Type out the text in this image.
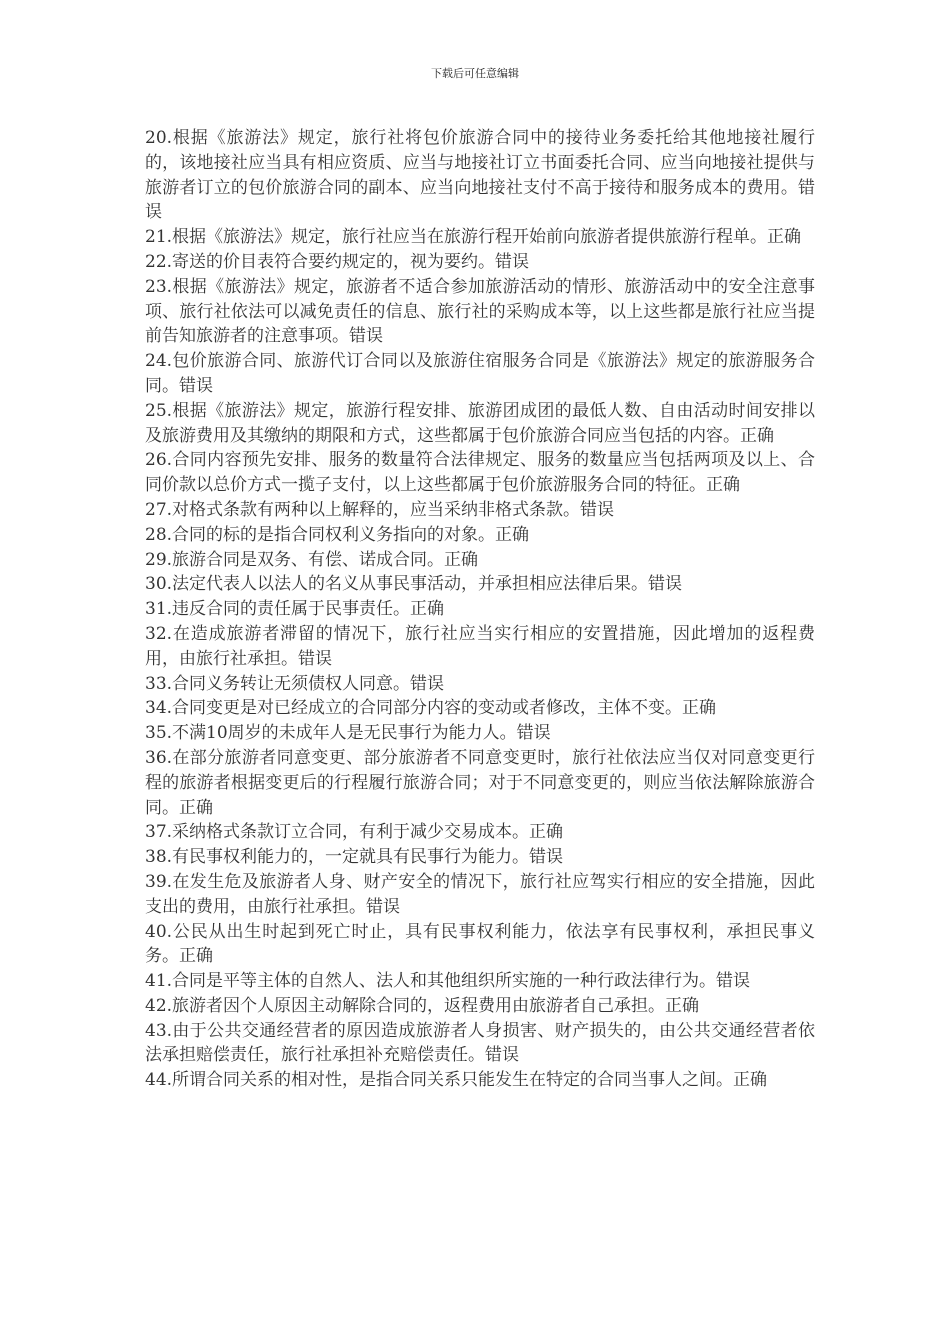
下载后可任意编辑

20.根据《旅游法》规定，旅行社将包价旅游合同中的接待业务委托给其他地接社履行的，该地接社应当具有相应资质、应当与地接社订立书面委托合同、应当向地接社提供与旅游者订立的包价旅游合同的副本、应当向地接社支付不高于接待和服务成本的费用。错误

21.根据《旅游法》规定，旅行社应当在旅游行程开始前向旅游者提供旅游行程单。正确

22.寄送的价目表符合要约规定的，视为要约。错误

23.根据《旅游法》规定，旅游者不适合参加旅游活动的情形、旅游活动中的安全注意事项、旅行社依法可以减免责任的信息、旅行社的采购成本等，以上这些都是旅行社应当提前告知旅游者的注意事项。错误

24.包价旅游合同、旅游代订合同以及旅游住宿服务合同是《旅游法》规定的旅游服务合同。错误

25.根据《旅游法》规定，旅游行程安排、旅游团成团的最低人数、自由活动时间安排以及旅游费用及其缴纳的期限和方式，这些都属于包价旅游合同应当包括的内容。正确

26.合同内容预先安排、服务的数量符合法律规定、服务的数量应当包括两项及以上、合同价款以总价方式一揽子支付，以上这些都属于包价旅游服务合同的特征。正确

27.对格式条款有两种以上解释的，应当采纳非格式条款。错误

28.合同的标的是指合同权利义务指向的对象。正确

29.旅游合同是双务、有偿、诺成合同。正确

30.法定代表人以法人的名义从事民事活动，并承担相应法律后果。错误

31.违反合同的责任属于民事责任。正确

32.在造成旅游者滞留的情况下，旅行社应当实行相应的安置措施，因此增加的返程费用，由旅行社承担。错误

33.合同义务转让无须债权人同意。错误

34.合同变更是对已经成立的合同部分内容的变动或者修改，主体不变。正确

35.不满10周岁的未成年人是无民事行为能力人。错误

36.在部分旅游者同意变更、部分旅游者不同意变更时，旅行社依法应当仅对同意变更行程的旅游者根据变更后的行程履行旅游合同；对于不同意变更的，则应当依法解除旅游合同。正确

37.采纳格式条款订立合同，有利于减少交易成本。正确

38.有民事权利能力的，一定就具有民事行为能力。错误

39.在发生危及旅游者人身、财产安全的情况下，旅行社应驾实行相应的安全措施，因此支出的费用，由旅行社承担。错误

40.公民从出生时起到死亡时止，具有民事权利能力，依法享有民事权利，承担民事义务。正确

41.合同是平等主体的自然人、法人和其他组织所实施的一种行政法律行为。错误

42.旅游者因个人原因主动解除合同的，返程费用由旅游者自己承担。正确

43.由于公共交通经营者的原因造成旅游者人身损害、财产损失的，由公共交通经营者依法承担赔偿责任，旅行社承担补充赔偿责任。错误

44.所谓合同关系的相对性，是指合同关系只能发生在特定的合同当事人之间。正确
